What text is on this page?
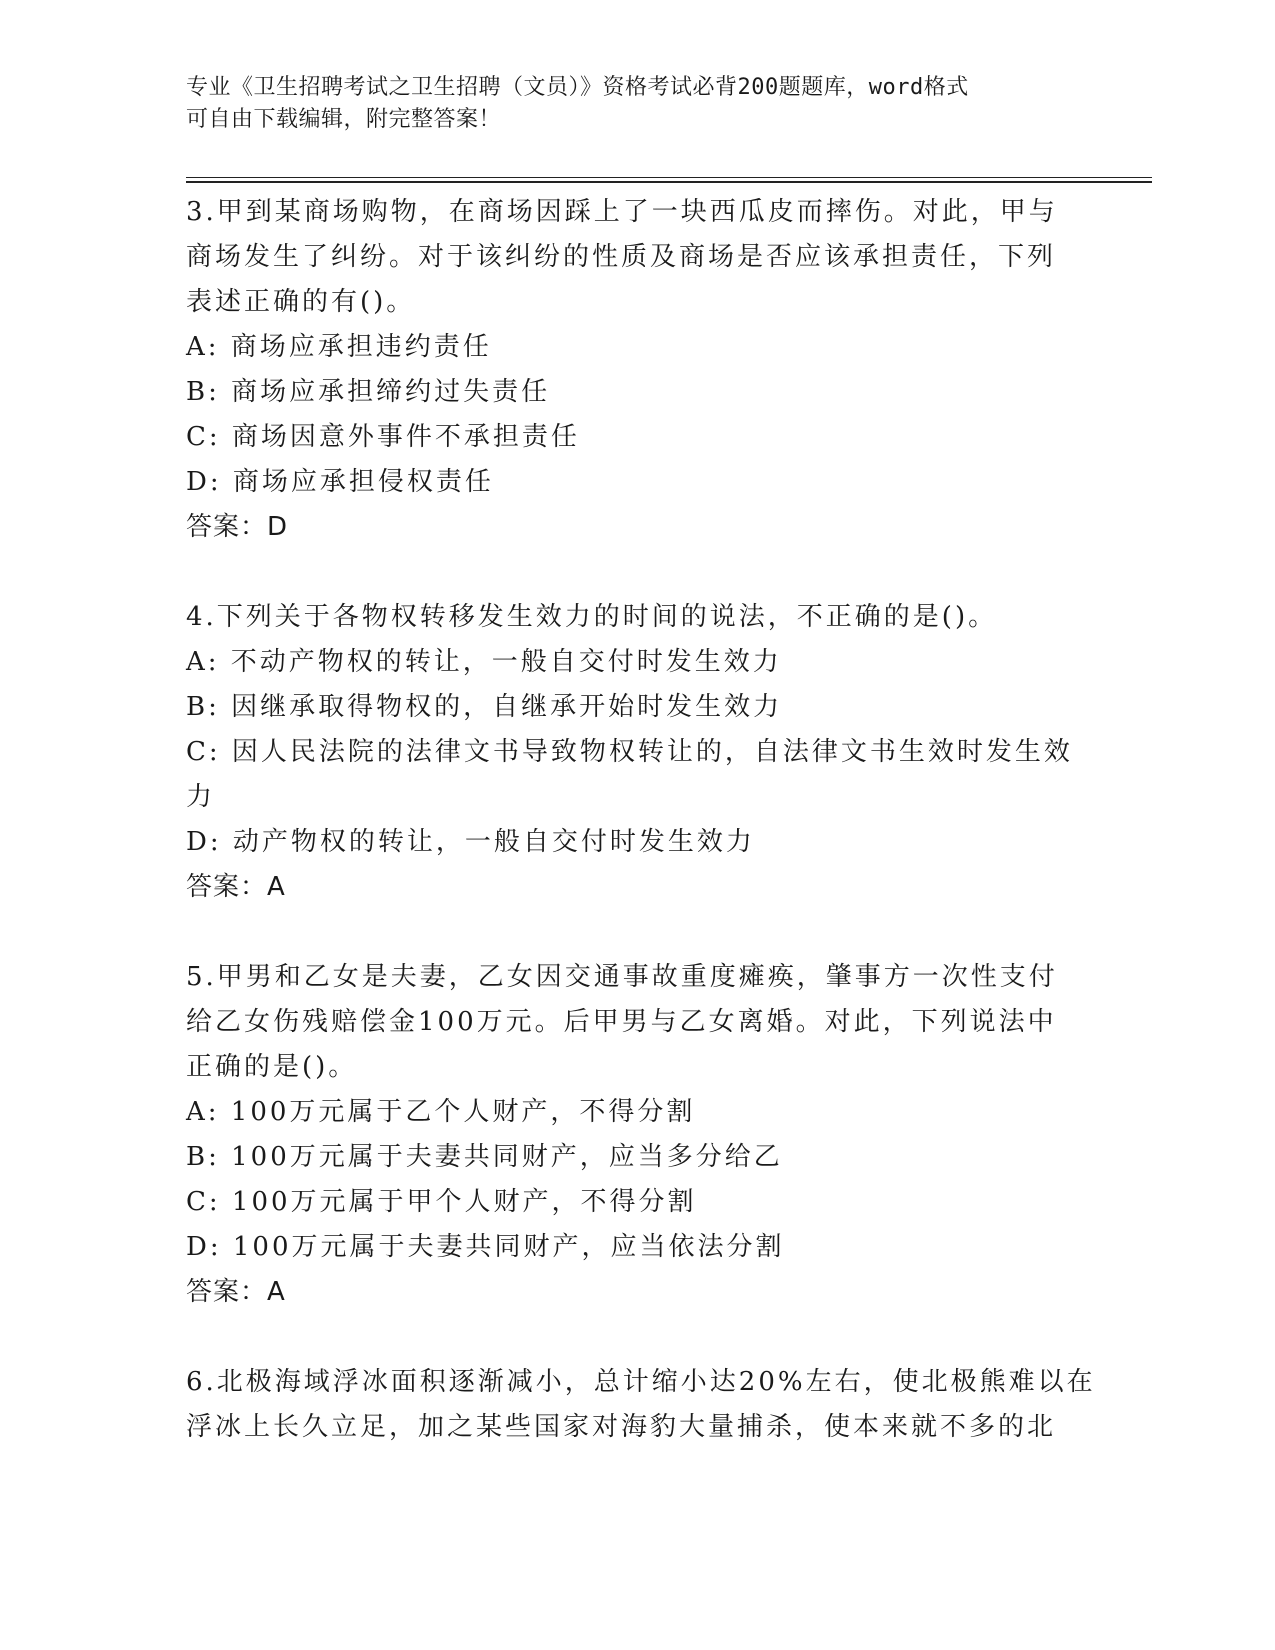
专业《卫生招聘考试之卫生招聘（文员）》资格考试必背200题题库，word格式
可自由下载编辑，附完整答案！
3.甲到某商场购物，在商场因踩上了一块西瓜皮而摔伤。对此，甲与
商场发生了纠纷。对于该纠纷的性质及商场是否应该承担责任，下列
表述正确的有()。
A: 商场应承担违约责任
B: 商场应承担缔约过失责任
C: 商场因意外事件不承担责任
D: 商场应承担侵权责任
答案：D
4.下列关于各物权转移发生效力的时间的说法，不正确的是()。
A: 不动产物权的转让，一般自交付时发生效力
B: 因继承取得物权的，自继承开始时发生效力
C: 因人民法院的法律文书导致物权转让的，自法律文书生效时发生效
力
D: 动产物权的转让，一般自交付时发生效力
答案：A
5.甲男和乙女是夫妻，乙女因交通事故重度瘫痪，肇事方一次性支付
给乙女伤残赔偿金100万元。后甲男与乙女离婚。对此，下列说法中
正确的是()。
A: 100万元属于乙个人财产，不得分割
B: 100万元属于夫妻共同财产，应当多分给乙
C: 100万元属于甲个人财产，不得分割
D: 100万元属于夫妻共同财产，应当依法分割
答案：A
6.北极海域浮冰面积逐渐减小，总计缩小达20%左右，使北极熊难以在
浮冰上长久立足，加之某些国家对海豹大量捕杀，使本来就不多的北
